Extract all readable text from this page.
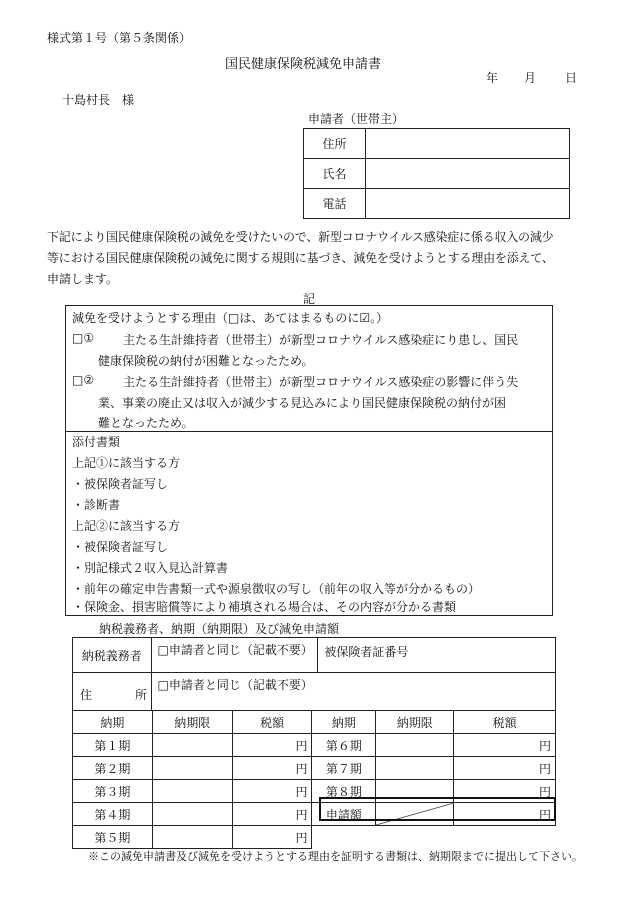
様式第１号（第５条関係）
国民健康保険税減免申請書
年 月 日
十島村長　様
申請者（世帯主）
住所	
氏名	
電話	
下記により国民健康保険税の減免を受けたいので、新型コロナウイルス感染症に係る収入の減少
等における国民健康保険税の減免に関する規則に基づき、減免を受けようとする理由を添えて、
申請します。
記
減免を受けようとする理由（□は、あてはまるものに☑。）
□① 主たる生計維持者（世帯主）が新型コロナウイルス感染症にり患し、国民
健康保険税の納付が困難となったため。
□② 主たる生計維持者（世帯主）が新型コロナウイルス感染症の影響に伴う失
業、事業の廃止又は収入が減少する見込みにより国民健康保険税の納付が困
難となったため。
添付書類
上記①に該当する方
・被保険者証写し
・診断書
上記②に該当する方
・被保険者証写し
・別記様式２収入見込計算書
・前年の確定申告書類一式や源泉徴収の写し（前年の収入等が分かるもの）
・保険金、損害賠償等により補填される場合は、その内容が分かる書類
納税義務者、納期（納期限）及び減免申請額
納税義務者	□申請者と同じ（記載不要）	被保険者証番号

住 所	□申請者と同じ（記載不要）	
納期	納期限	税額	納期	納期限	税額
第１期		円	第６期		円
第２期		円	第７期		円
第３期		円	第８期		円
第４期		円	申請額		円
第５期		円			
※この減免申請書及び減免を受けようとする理由を証明する書類は、納期限までに提出して下さい。
